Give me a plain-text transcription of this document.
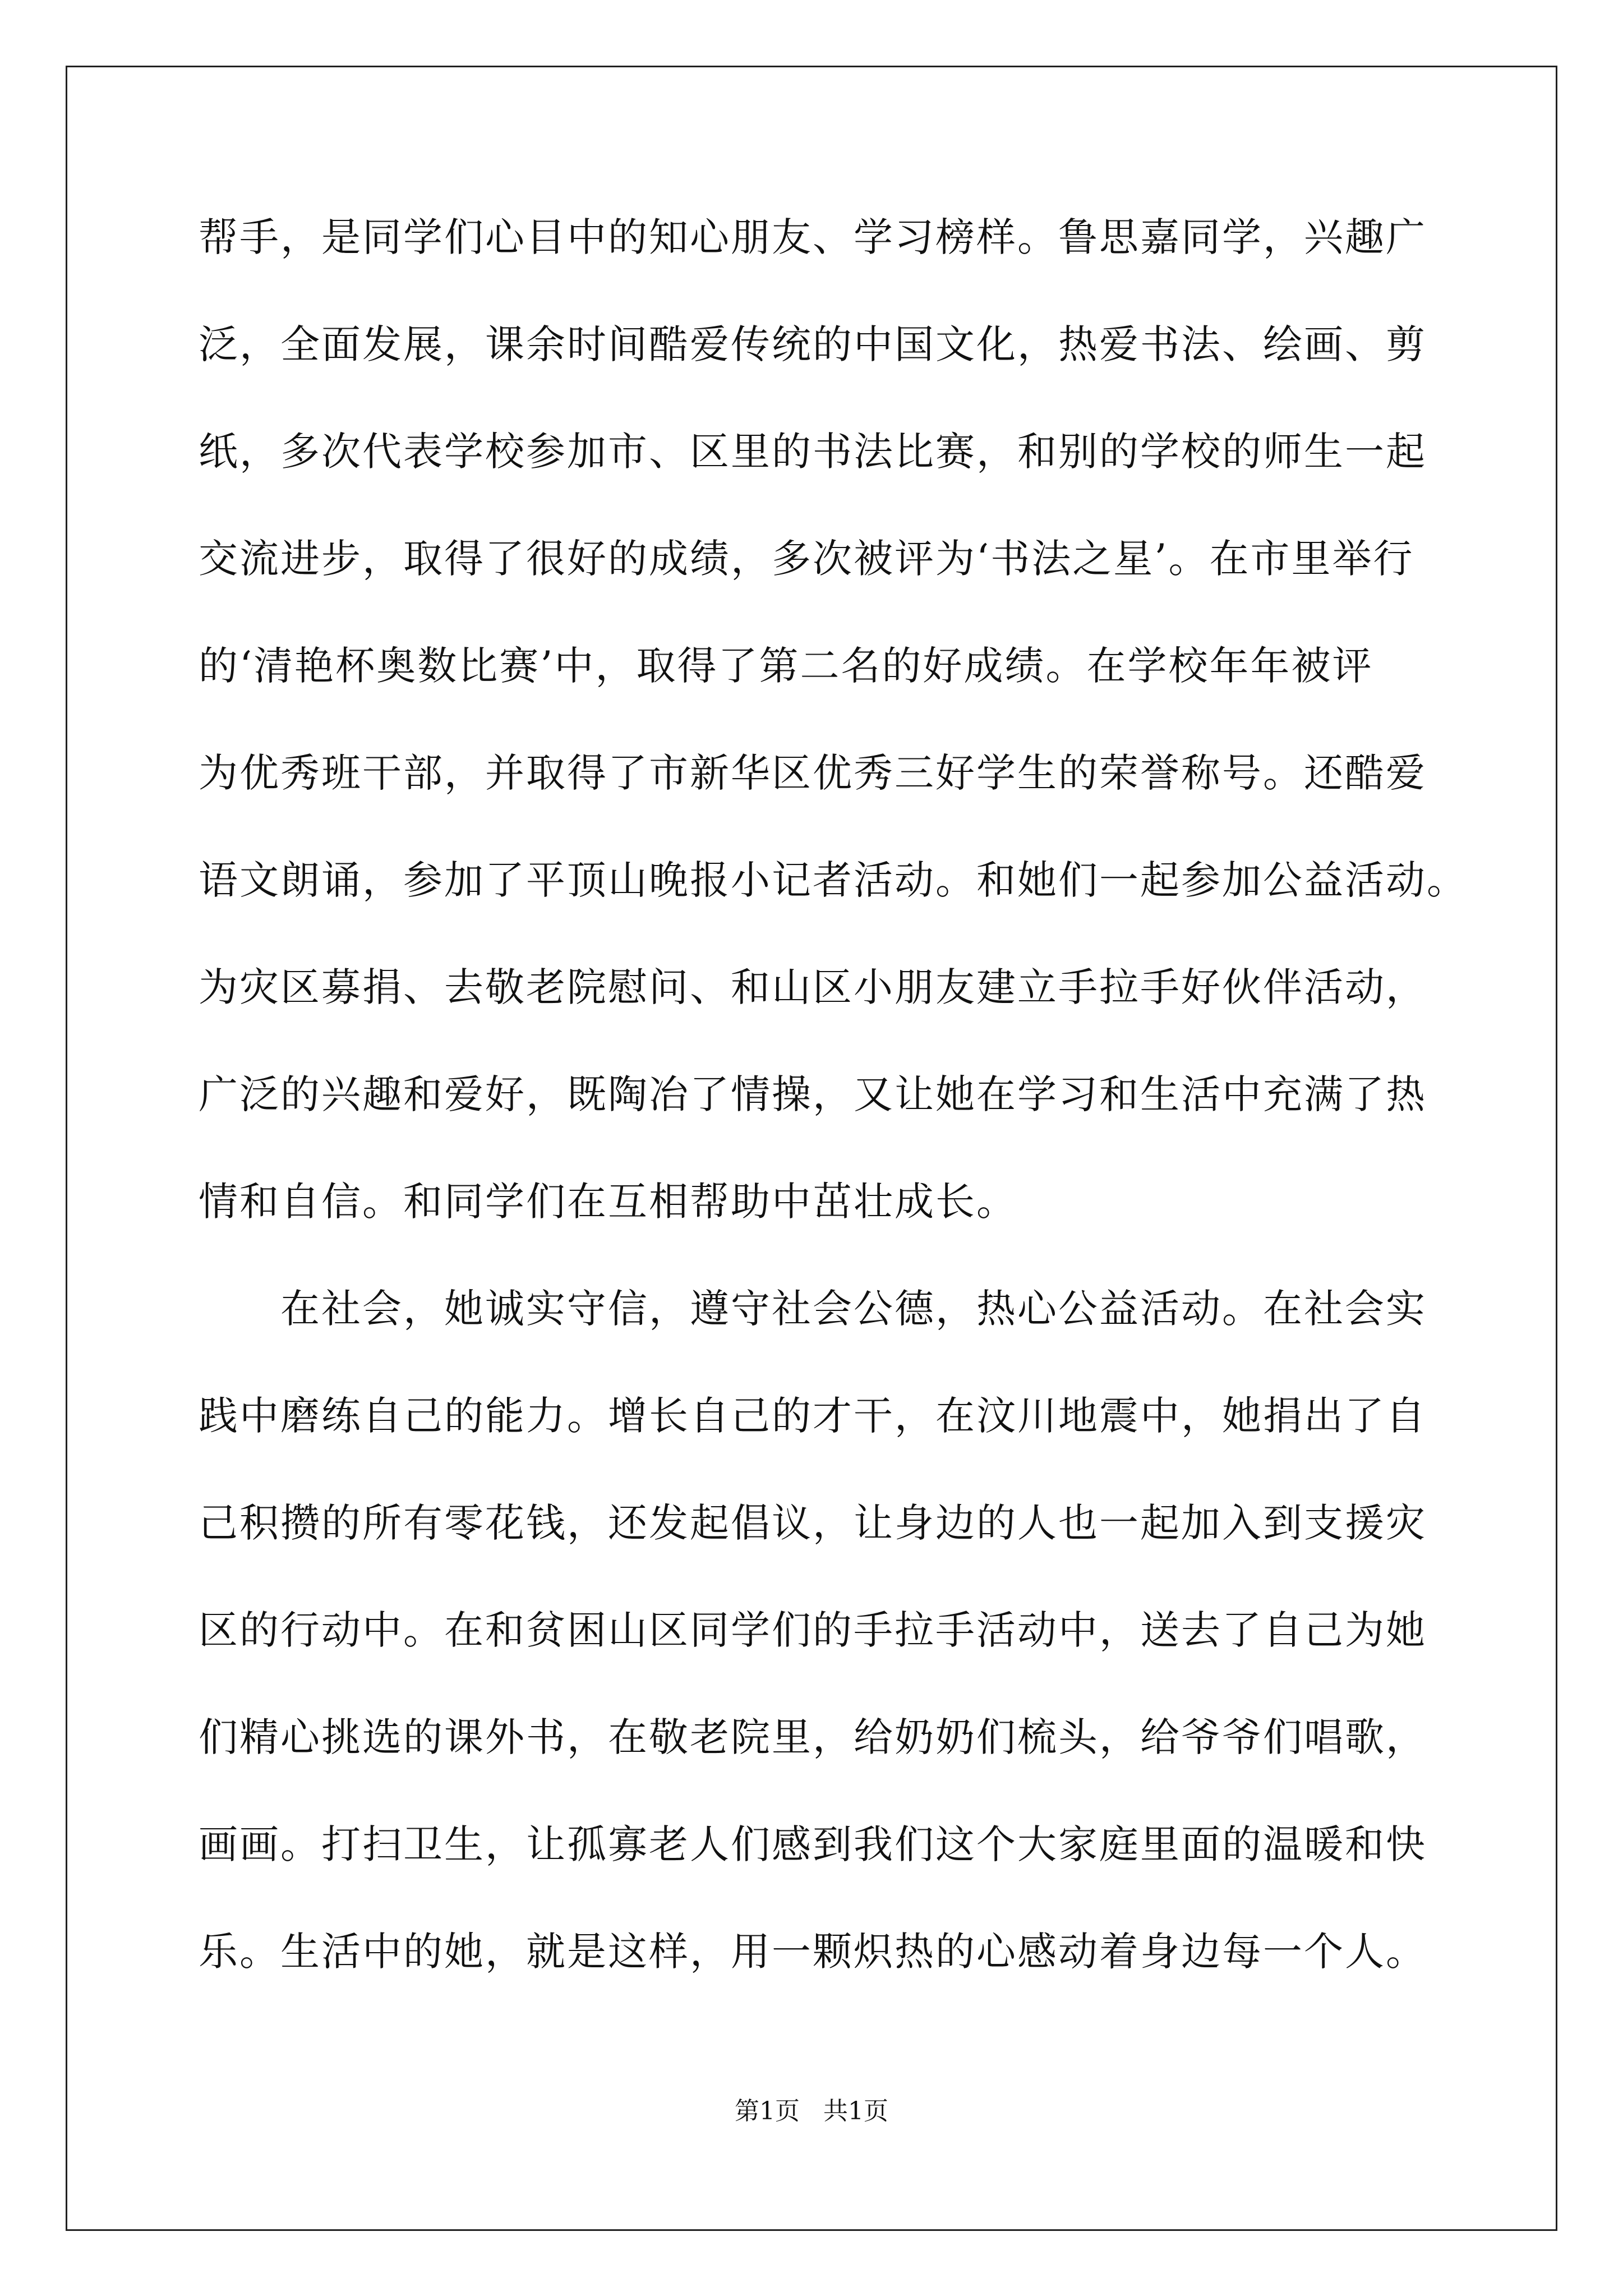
帮手，是同学们心目中的知心朋友、学习榜样。鲁思嘉同学，兴趣广
泛，全面发展，课余时间酷爱传统的中国文化，热爱书法、绘画、剪
纸，多次代表学校参加市、区里的书法比赛，和别的学校的师生一起
交流进步，取得了很好的成绩，多次被评为‘书法之星’。在市里举行
的‘清艳杯奥数比赛’中，取得了第二名的好成绩。在学校年年被评
为优秀班干部，并取得了市新华区优秀三好学生的荣誉称号。还酷爱
语文朗诵，参加了平顶山晚报小记者活动。和她们一起参加公益活动。
为灾区募捐、去敬老院慰问、和山区小朋友建立手拉手好伙伴活动，
广泛的兴趣和爱好，既陶冶了情操，又让她在学习和生活中充满了热
情和自信。和同学们在互相帮助中茁壮成长。
在社会，她诚实守信，遵守社会公德，热心公益活动。在社会实
践中磨练自己的能力。增长自己的才干，在汶川地震中，她捐出了自
己积攒的所有零花钱，还发起倡议，让身边的人也一起加入到支援灾
区的行动中。在和贫困山区同学们的手拉手活动中，送去了自己为她
们精心挑选的课外书，在敬老院里，给奶奶们梳头，给爷爷们唱歌，
画画。打扫卫生，让孤寡老人们感到我们这个大家庭里面的温暖和快
乐。生活中的她，就是这样，用一颗炽热的心感动着身边每一个人。
第1页 共1页
